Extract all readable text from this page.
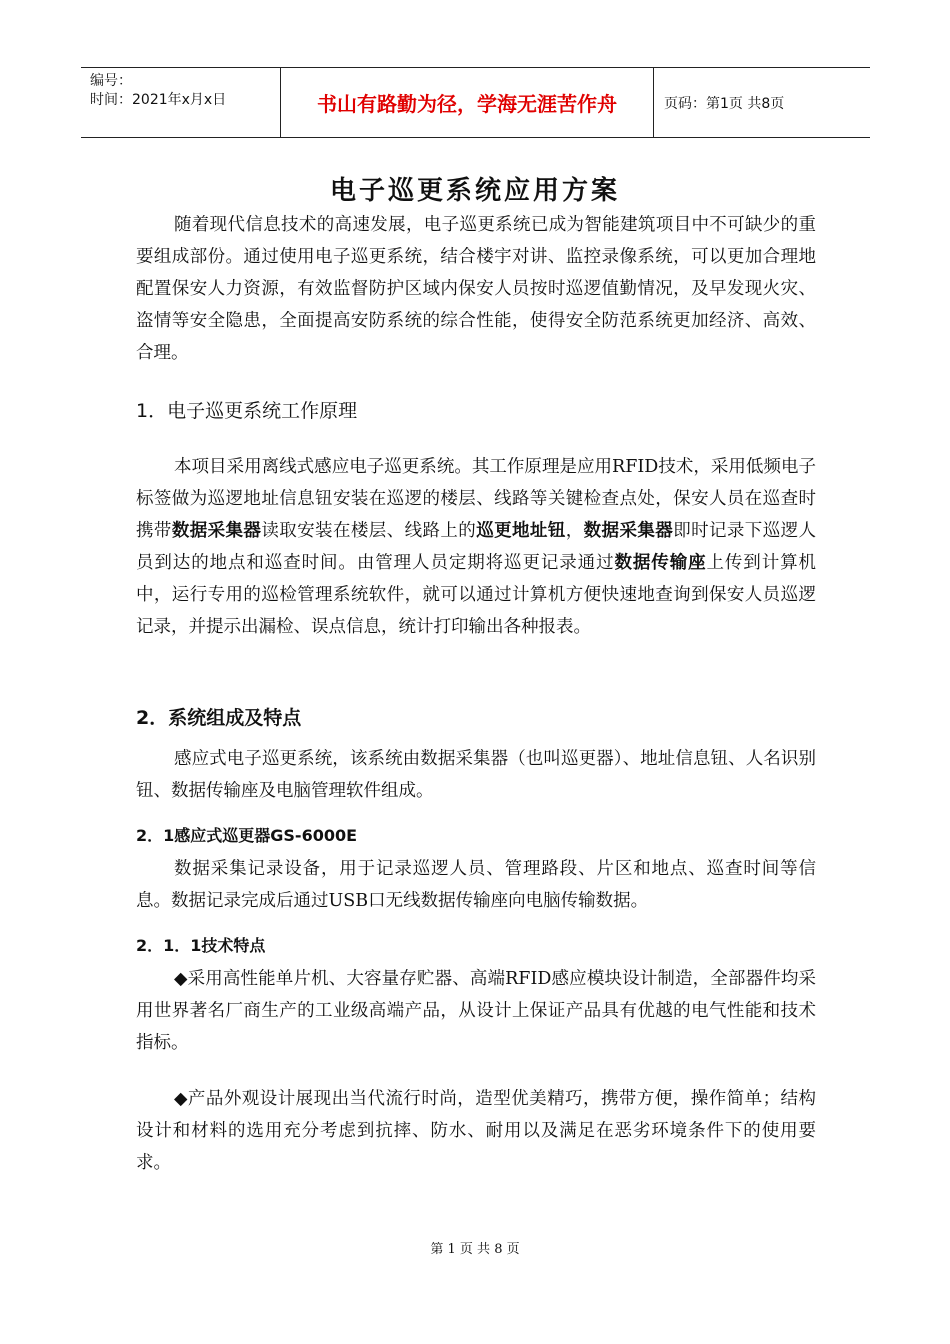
编号：
时间：2021年x月x日	书山有路勤为径，学海无涯苦作舟	页码：第1页 共8页
电子巡更系统应用方案
随着现代信息技术的高速发展，电子巡更系统已成为智能建筑项目中不可缺少的重要组成部份。通过使用电子巡更系统，结合楼宇对讲、监控录像系统，可以更加合理地配置保安人力资源，有效监督防护区域内保安人员按时巡逻值勤情况，及早发现火灾、盗情等安全隐患，全面提高安防系统的综合性能，使得安全防范系统更加经济、高效、合理。
1．电子巡更系统工作原理
本项目采用离线式感应电子巡更系统。其工作原理是应用RFID技术，采用低频电子标签做为巡逻地址信息钮安装在巡逻的楼层、线路等关键检查点处，保安人员在巡查时携带数据采集器读取安装在楼层、线路上的巡更地址钮，数据采集器即时记录下巡逻人员到达的地点和巡查时间。由管理人员定期将巡更记录通过数据传输座上传到计算机中，运行专用的巡检管理系统软件，就可以通过计算机方便快速地查询到保安人员巡逻记录，并提示出漏检、误点信息，统计打印输出各种报表。
2．系统组成及特点
感应式电子巡更系统，该系统由数据采集器（也叫巡更器）、地址信息钮、人名识别钮、数据传输座及电脑管理软件组成。
2．1感应式巡更器GS-6000E
数据采集记录设备，用于记录巡逻人员、管理路段、片区和地点、巡查时间等信息。数据记录完成后通过USB口无线数据传输座向电脑传输数据。
2．1．1技术特点
◆采用高性能单片机、大容量存贮器、高端RFID感应模块设计制造，全部器件均采用世界著名厂商生产的工业级高端产品，从设计上保证产品具有优越的电气性能和技术指标。
◆产品外观设计展现出当代流行时尚，造型优美精巧，携带方便，操作简单；结构设计和材料的选用充分考虑到抗摔、防水、耐用以及满足在恶劣环境条件下的使用要求。
第 1 页 共 8 页
